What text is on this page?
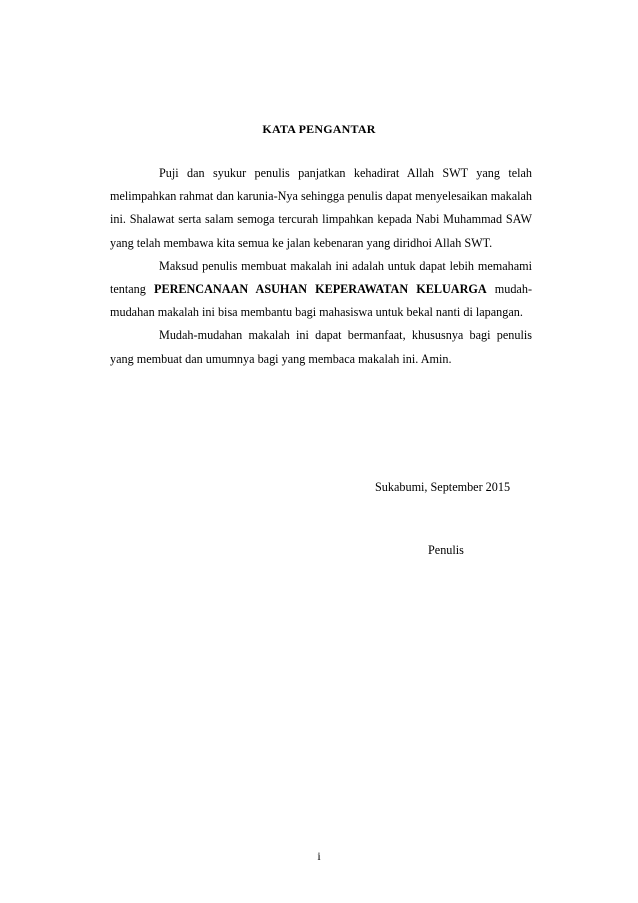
KATA PENGANTAR

Puji dan syukur penulis panjatkan kehadirat Allah SWT yang telah melimpahkan rahmat dan karunia-Nya sehingga penulis dapat menyelesaikan makalah ini. Shalawat serta salam semoga tercurah limpahkan kepada Nabi Muhammad SAW yang telah membawa kita semua ke jalan kebenaran yang diridhoi Allah SWT.

Maksud penulis membuat makalah ini adalah untuk dapat lebih memahami tentang PERENCANAAN ASUHAN KEPERAWATAN KELUARGA mudah-mudahan makalah ini bisa membantu bagi mahasiswa untuk bekal nanti di lapangan.

Mudah-mudahan makalah ini dapat bermanfaat, khususnya bagi penulis yang membuat dan umumnya bagi yang membaca makalah ini. Amin.

Sukabumi, September 2015

Penulis

i
